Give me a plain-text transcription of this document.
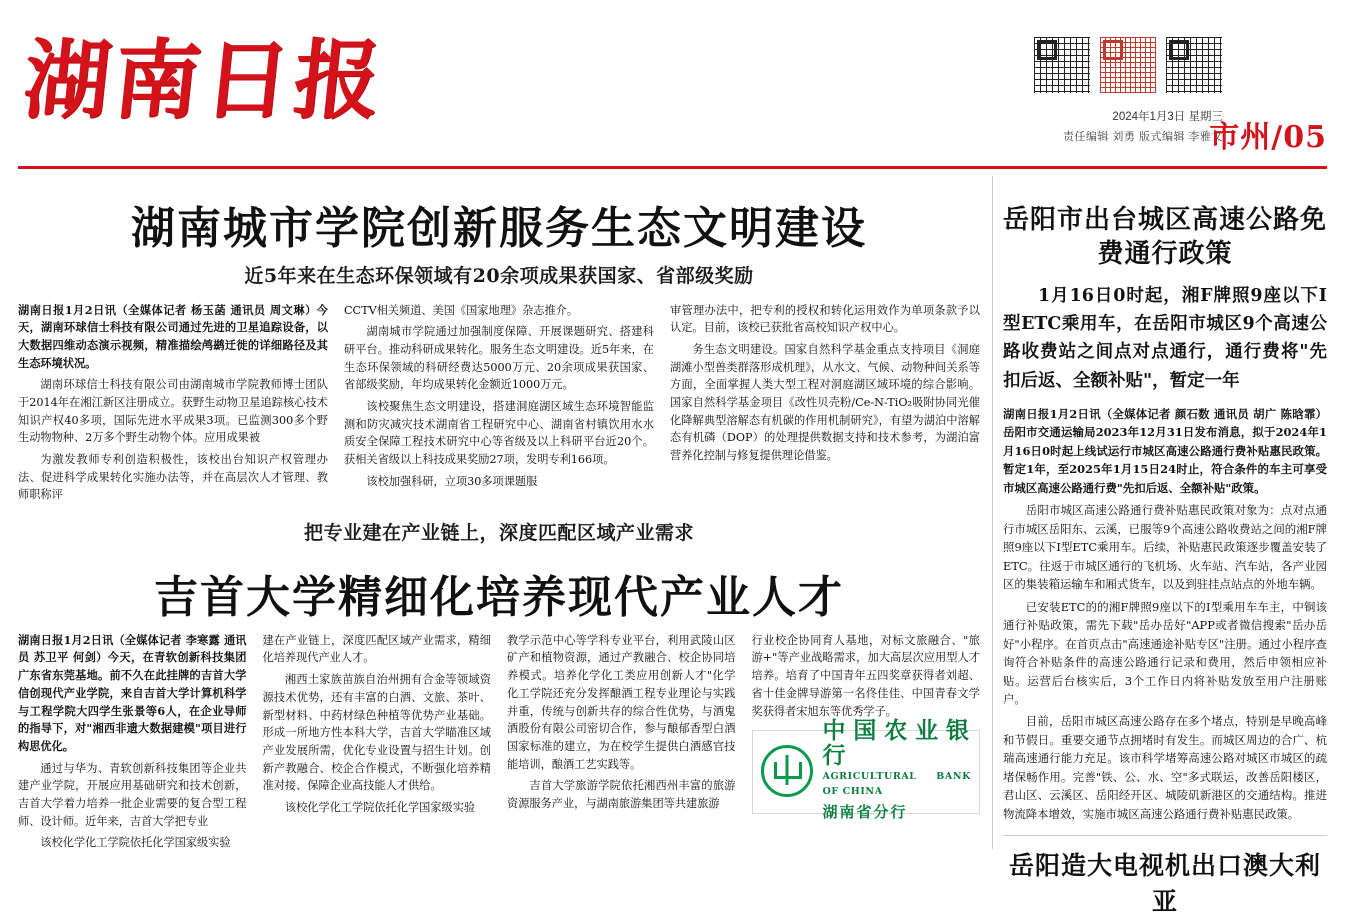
湖南日报	2024年1月3日 星期三
责任编辑 刘勇 版式编辑 李雅文
市州/05
湖南城市学院创新服务生态文明建设
近5年来在生态环保领域有20余项成果获国家、省部级奖励

湖南日报1月2日讯（全媒体记者 杨玉菡 通讯员 周文琳）今天，湖南环球信士科技有限公司通过先进的卫星追踪设备，以大数据四维动态演示视频，精准描绘鸬鹚迁徙的详细路径及其生态环境状况。

湖南环球信士科技有限公司由湖南城市学院教师博士团队于2014年在湘江新区注册成立。获野生动物卫星追踪核心技术知识产权40多项，国际先进水平成果3项。已监测300多个野生动物物种、2万多个野生动物个体。应用成果被

为激发教师专利创造积极性，该校出台知识产权管理办法、促进科学成果转化实施办法等，并在高层次人才管理、教师职称评

CCTV相关频道、美国《国家地理》杂志推介。

湖南城市学院通过加强制度保障、开展课题研究、搭建科研平台。推动科研成果转化。服务生态文明建设。近5年来，在生态环保领域的科研经费达5000万元、20余项成果获国家、省部级奖励，年均成果转化金额近1000万元。

该校聚焦生态文明建设，搭建洞庭湖区域生态环境智能监测和防灾减灾技术湖南省工程研究中心、湖南省村镇饮用水水质安全保障工程技术研究中心等省级及以上科研平台近20个。获相关省级以上科技成果奖励27项，发明专利166项。

该校加强科研，立项30多项课题服

审管理办法中，把专利的授权和转化运用效作为单项条款予以认定。目前，该校已获批省高校知识产权中心。

务生态文明建设。国家自然科学基金重点支持项目《洞庭湖滩小型兽类群落形成机理》，从水文、气候、动物种间关系等方面，全面掌握人类大型工程对洞庭湖区域环境的综合影响。国家自然科学基金项目《改性贝壳粉/Ce-N-TiO₂吸附协同光催化降解典型溶解态有机碳的作用机制研究》，有望为湖泊中溶解态有机磷（DOP）的处理提供数据支持和技术参考，为湖泊富营养化控制与修复提供理论借鉴。

把专业建在产业链上，深度匹配区域产业需求
吉首大学精细化培养现代产业人才

湖南日报1月2日讯（全媒体记者 李寒露 通讯员 苏卫平 何剑）今天，在青软创新科技集团广东省东莞基地。前不久在此挂牌的吉首大学信创现代产业学院，来自吉首大学计算机科学与工程学院大四学生张景等6人，在企业导师的指导下，对"湘西非遗大数据建模"项目进行构思优化。

通过与华为、青软创新科技集团等企业共建产业学院，开展应用基础研究和技术创新，吉首大学着力培养一批企业需要的复合型工程师、设计师。近年来，吉首大学把专业

该校化学化工学院依托化学国家级实验

建在产业链上，深度匹配区域产业需求，精细化培养现代产业人才。

湘西土家族苗族自治州拥有合金等领域资源技术优势，还有丰富的白酒、文旅、茶叶、新型材料、中药材绿色种植等优势产业基础。形成一所地方性本科大学，吉首大学瞄准区域产业发展所需，优化专业设置与招生计划。创新产教融合、校企合作模式，不断强化培养精准对接、保障企业高技能人才供给。

该校化学化工学院依托化学国家级实验

教学示范中心等学科专业平台，利用武陵山区矿产和植物资源，通过产教融合、校企协同培养模式。培养化学化工类应用创新人才"化学化工学院还充分发挥酿酒工程专业理论与实践并重，传统与创新共存的综合性优势，与酒鬼酒股份有限公司密切合作，参与酿郁香型白酒国家标准的建立，为在校学生提供白酒感官技能培训，酿酒工艺实践等。

吉首大学旅游学院依托湘西州丰富的旅游资源服务产业，与湖南旅游集团等共建旅游

行业校企协同育人基地，对标文旅融合、"旅游+"等产业战略需求，加大高层次应用型人才培养。培育了中国青年五四奖章获得者刘超、省十佳金牌导游第一名佟佳佳、中国青春文学奖获得者宋旭东等优秀学子。

中国农业银行
AGRICULTURAL BANK OF CHINA
湖南省分行
岳阳市出台城区高速公路免费通行政策
1月16日0时起，湘F牌照9座以下Ⅰ型ETC乘用车，在岳阳市城区9个高速公路收费站之间点对点通行，通行费将"先扣后返、全额补贴"，暂定一年

湖南日报1月2日讯（全媒体记者 颜石数 通讯员 胡广 陈晗霏）岳阳市交通运输局2023年12月31日发布消息，拟于2024年1月16日0时起上线试运行市城区高速公路通行费补贴惠民政策。暂定1年，至2025年1月15日24时止，符合条件的车主可享受市城区高速公路通行费"先扣后返、全额补贴"政策。

岳阳市城区高速公路通行费补贴惠民政策对象为：点对点通行市城区岳阳东、云溪，已服等9个高速公路收费站之间的湘F牌照9座以下Ⅰ型ETC乘用车。后续，补贴惠民政策逐步覆盖安装了ETC。往返于市城区通行的飞机场、火车站、汽车站，各产业园区的集装箱运输车和厢式货车，以及到驻挂点站点的外地车辆。

已安装ETC的的湘F牌照9座以下的Ⅰ型乘用车车主，中铜该通行补贴政策，需先下载"岳办岳好"APP或者微信搜索"岳办岳好"小程序。在首页点击"高速通途补贴专区"注册。通过小程序查询符合补贴条件的高速公路通行记录和费用，然后申领相应补贴。运营后台核实后，3个工作日内将补贴发放至用户注册账户。

目前，岳阳市城区高速公路存在多个堵点，特别是早晚高峰和节假日。重要交通节点拥堵时有发生。而城区周边的合广、杭瑞高速通行能力充足。该市科学堵筹高速公路对城区市城区的疏堵保畅作用。完善"铁、公、水、空"多式联运，改善岳阳楼区，君山区、云溪区、岳阳经开区、城陵矶新港区的交通结构。推进物流降本增效，实施市城区高速公路通行费补贴惠民政策。

岳阳造大电视机出口澳大利亚
